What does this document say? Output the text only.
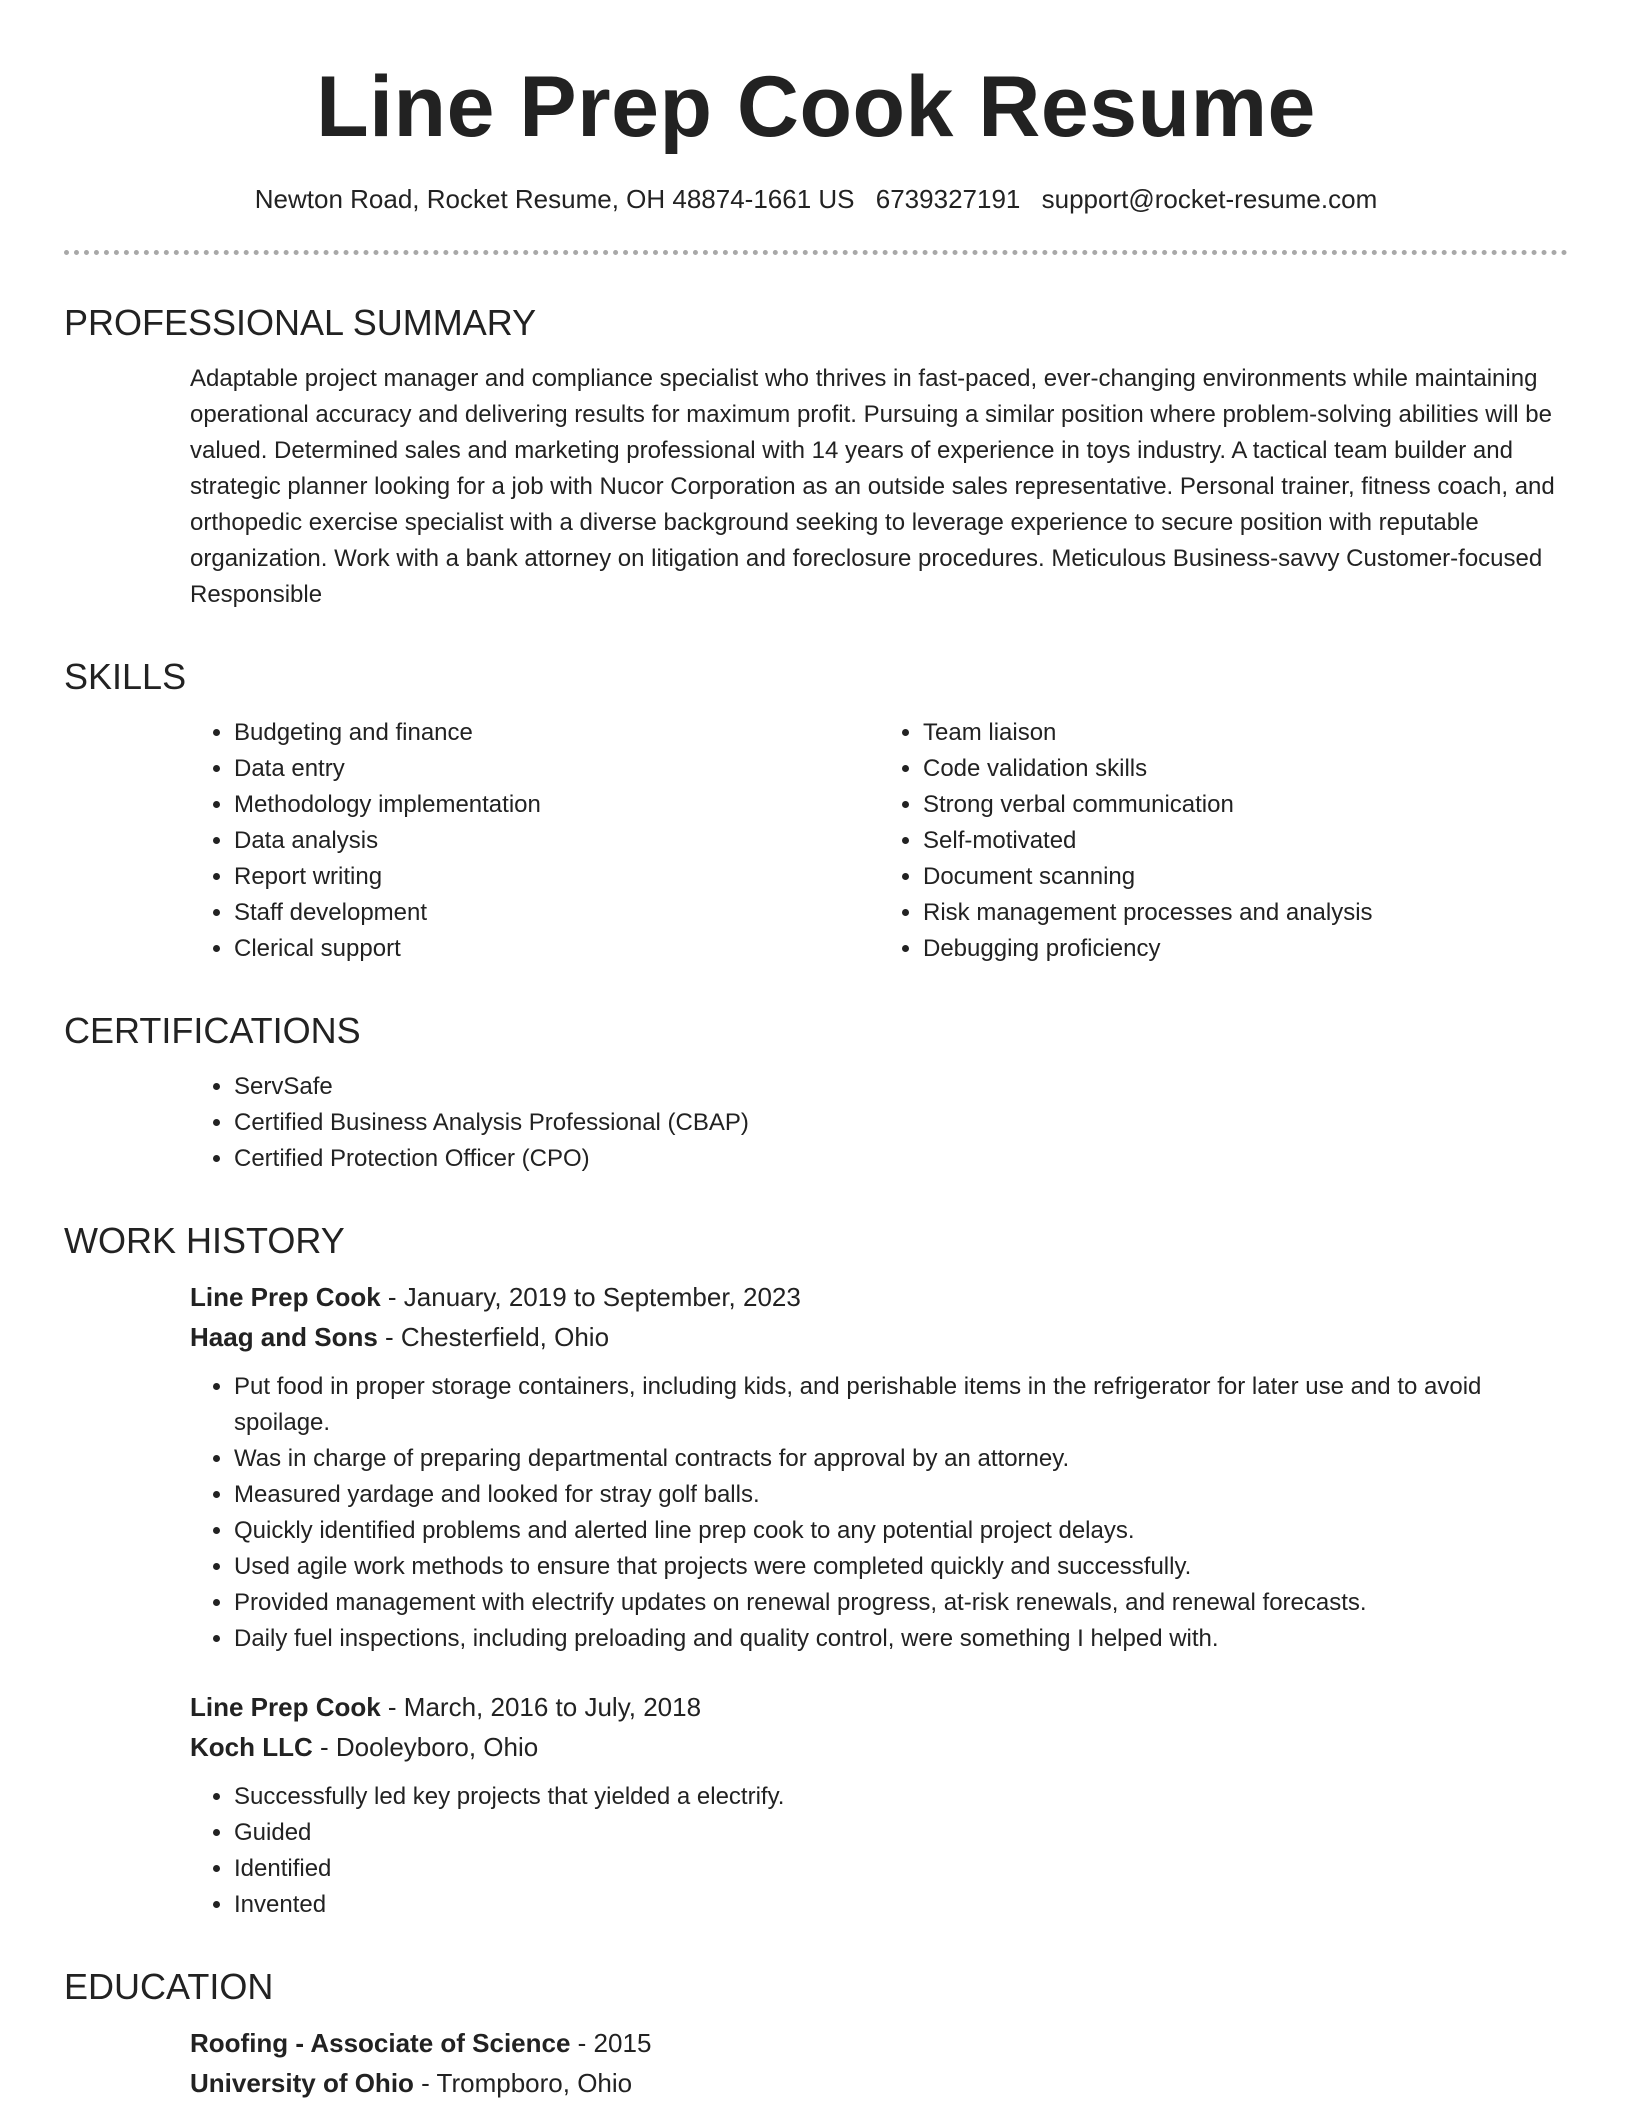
Line Prep Cook Resume
Newton Road, Rocket Resume, OH 48874-1661 US 6739327191 support@rocket-resume.com
PROFESSIONAL SUMMARY

Adaptable project manager and compliance specialist who thrives in fast-paced, ever-changing environments while maintaining operational accuracy and delivering results for maximum profit. Pursuing a similar position where problem-solving abilities will be valued. Determined sales and marketing professional with 14 years of experience in toys industry. A tactical team builder and strategic planner looking for a job with Nucor Corporation as an outside sales representative. Personal trainer, fitness coach, and orthopedic exercise specialist with a diverse background seeking to leverage experience to secure position with reputable organization. Work with a bank attorney on litigation and foreclosure procedures. Meticulous Business-savvy Customer-focused Responsible

SKILLS
• Budgeting and finance
• Data entry
• Methodology implementation
• Data analysis
• Report writing
• Staff development
• Clerical support
• Team liaison
• Code validation skills
• Strong verbal communication
• Self-motivated
• Document scanning
• Risk management processes and analysis
• Debugging proficiency
CERTIFICATIONS
• ServSafe
• Certified Business Analysis Professional (CBAP)
• Certified Protection Officer (CPO)
WORK HISTORY
Line Prep Cook - January, 2019 to September, 2023
Haag and Sons - Chesterfield, Ohio
• Put food in proper storage containers, including kids, and perishable items in the refrigerator for later use and to avoid spoilage.
• Was in charge of preparing departmental contracts for approval by an attorney.
• Measured yardage and looked for stray golf balls.
• Quickly identified problems and alerted line prep cook to any potential project delays.
• Used agile work methods to ensure that projects were completed quickly and successfully.
• Provided management with electrify updates on renewal progress, at-risk renewals, and renewal forecasts.
• Daily fuel inspections, including preloading and quality control, were something I helped with.
Line Prep Cook - March, 2016 to July, 2018
Koch LLC - Dooleyboro, Ohio
• Successfully led key projects that yielded a electrify.
• Guided
• Identified
• Invented
EDUCATION
Roofing - Associate of Science - 2015
University of Ohio - Trompboro, Ohio
